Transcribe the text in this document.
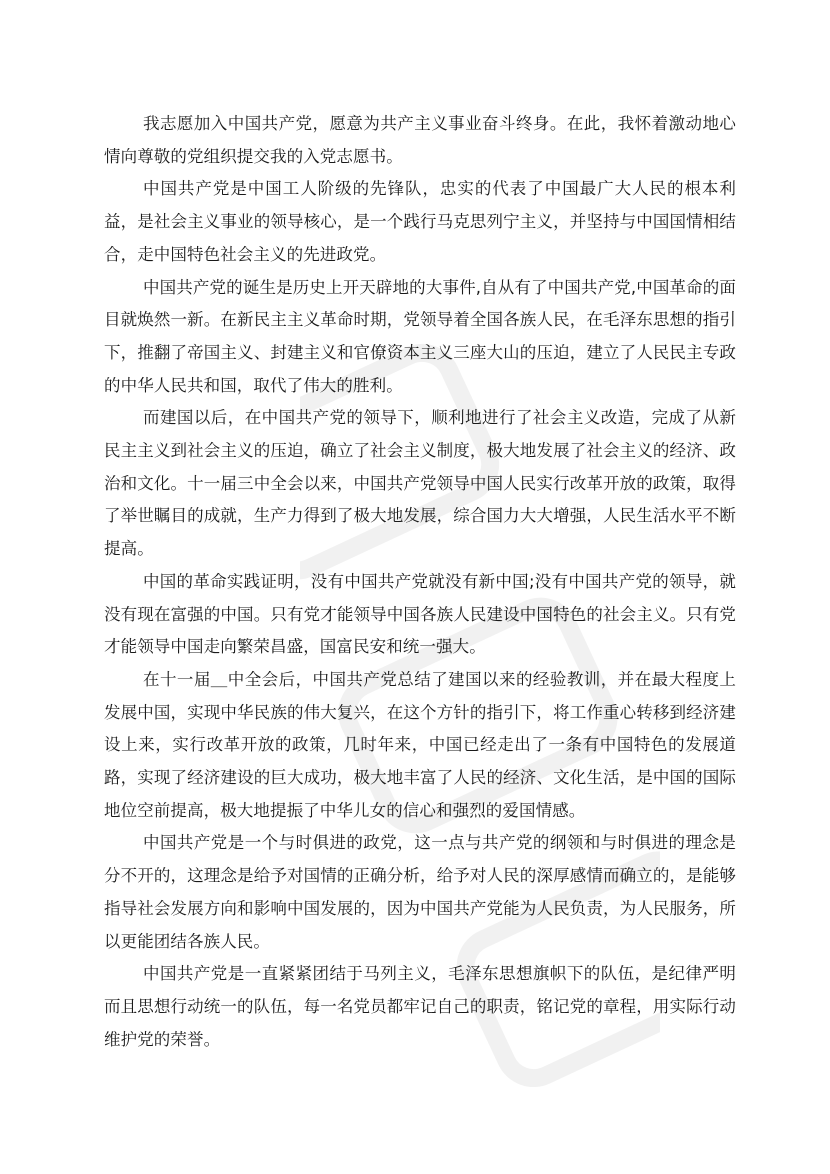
我志愿加入中国共产党，愿意为共产主义事业奋斗终身。在此，我怀着激动地心情向尊敬的党组织提交我的入党志愿书。

中国共产党是中国工人阶级的先锋队，忠实的代表了中国最广大人民的根本利益，是社会主义事业的领导核心，是一个践行马克思列宁主义，并坚持与中国国情相结合，走中国特色社会主义的先进政党。

中国共产党的诞生是历史上开天辟地的大事件,自从有了中国共产党,中国革命的面目就焕然一新。在新民主主义革命时期，党领导着全国各族人民，在毛泽东思想的指引下，推翻了帝国主义、封建主义和官僚资本主义三座大山的压迫，建立了人民民主专政的中华人民共和国，取代了伟大的胜利。

而建国以后，在中国共产党的领导下，顺利地进行了社会主义改造，完成了从新民主主义到社会主义的压迫，确立了社会主义制度，极大地发展了社会主义的经济、政治和文化。十一届三中全会以来，中国共产党领导中国人民实行改革开放的政策，取得了举世瞩目的成就，生产力得到了极大地发展，综合国力大大增强，人民生活水平不断提高。

中国的革命实践证明，没有中国共产党就没有新中国;没有中国共产党的领导，就没有现在富强的中国。只有党才能领导中国各族人民建设中国特色的社会主义。只有党才能领导中国走向繁荣昌盛，国富民安和统一强大。

在十一届＿中全会后，中国共产党总结了建国以来的经验教训，并在最大程度上发展中国，实现中华民族的伟大复兴，在这个方针的指引下，将工作重心转移到经济建设上来，实行改革开放的政策，几时年来，中国已经走出了一条有中国特色的发展道路，实现了经济建设的巨大成功，极大地丰富了人民的经济、文化生活，是中国的国际地位空前提高，极大地提振了中华儿女的信心和强烈的爱国情感。

中国共产党是一个与时俱进的政党，这一点与共产党的纲领和与时俱进的理念是分不开的，这理念是给予对国情的正确分析，给予对人民的深厚感情而确立的，是能够指导社会发展方向和影响中国发展的，因为中国共产党能为人民负责，为人民服务，所以更能团结各族人民。

中国共产党是一直紧紧团结于马列主义，毛泽东思想旗帜下的队伍，是纪律严明而且思想行动统一的队伍，每一名党员都牢记自己的职责，铭记党的章程，用实际行动维护党的荣誉。
